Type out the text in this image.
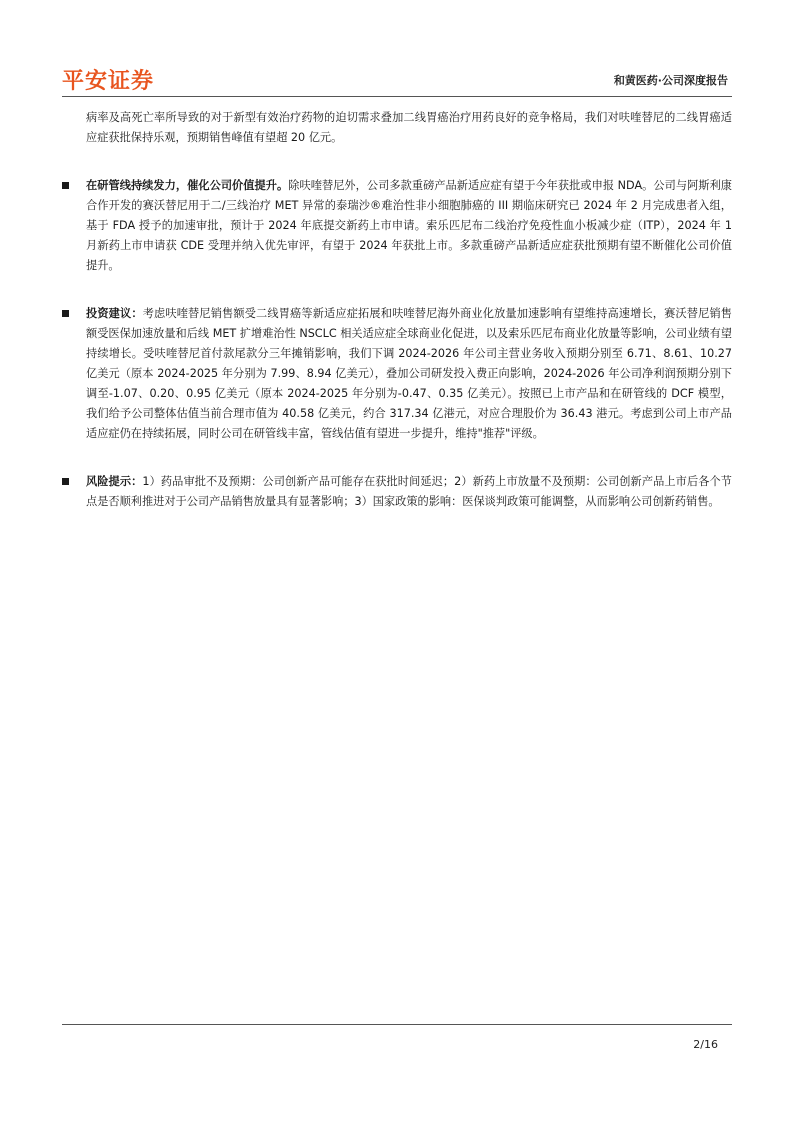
平安证券	和黄医药·公司深度报告

病率及高死亡率所导致的对于新型有效治疗药物的迫切需求叠加二线胃癌治疗用药良好的竞争格局，我们对呋喹替尼的二线胃癌适应症获批保持乐观，预期销售峰值有望超 20 亿元。

在研管线持续发力，催化公司价值提升。除呋喹替尼外，公司多款重磅产品新适应症有望于今年获批或申报 NDA。公司与阿斯利康合作开发的赛沃替尼用于二/三线治疗 MET 异常的泰瑞沙®难治性非小细胞肺癌的 III 期临床研究已 2024 年 2 月完成患者入组，基于 FDA 授予的加速审批，预计于 2024 年底提交新药上市申请。索乐匹尼布二线治疗免疫性血小板减少症（ITP），2024 年 1 月新药上市申请获 CDE 受理并纳入优先审评，有望于 2024 年获批上市。多款重磅产品新适应症获批预期有望不断催化公司价值提升。

投资建议：考虑呋喹替尼销售额受二线胃癌等新适应症拓展和呋喹替尼海外商业化放量加速影响有望维持高速增长，赛沃替尼销售额受医保加速放量和后线 MET 扩增难治性 NSCLC 相关适应症全球商业化促进，以及索乐匹尼布商业化放量等影响，公司业绩有望持续增长。受呋喹替尼首付款尾款分三年摊销影响，我们下调 2024-2026 年公司主营业务收入预期分别至 6.71、8.61、10.27 亿美元（原本 2024-2025 年分别为 7.99、8.94 亿美元），叠加公司研发投入费正向影响，2024-2026 年公司净利润预期分别下调至-1.07、0.20、0.95 亿美元（原本 2024-2025 年分别为-0.47、0.35 亿美元）。按照已上市产品和在研管线的 DCF 模型，我们给予公司整体估值当前合理市值为 40.58 亿美元，约合 317.34 亿港元，对应合理股价为 36.43 港元。考虑到公司上市产品适应症仍在持续拓展，同时公司在研管线丰富，管线估值有望进一步提升，维持"推荐"评级。

风险提示：1）药品审批不及预期：公司创新产品可能存在获批时间延迟；2）新药上市放量不及预期：公司创新产品上市后各个节点是否顺利推进对于公司产品销售放量具有显著影响；3）国家政策的影响：医保谈判政策可能调整，从而影响公司创新药销售。

2/16
